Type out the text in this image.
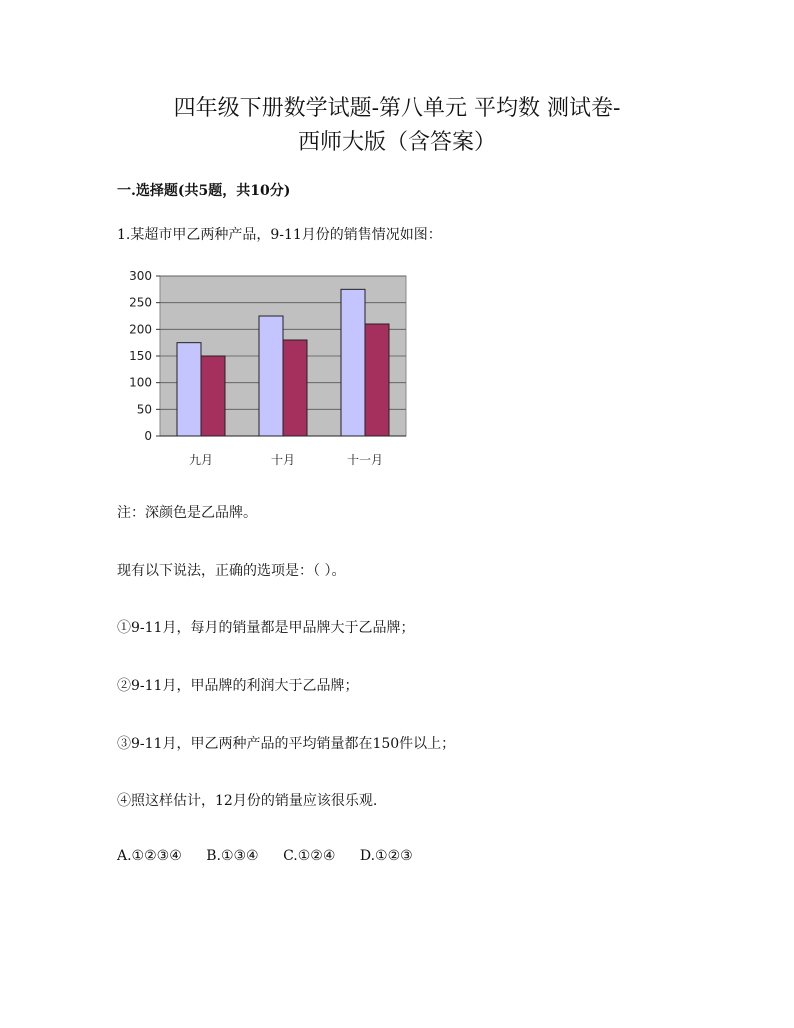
四年级下册数学试题-第八单元 平均数 测试卷-
西师大版（含答案）
一.选择题(共5题，共10分)
1.某超市甲乙两种产品，9-11月份的销售情况如图：
0
50
100
150
200
250
300
九月	十月	十一月
注：深颜色是乙品牌。
现有以下说法，正确的选项是：（ ）。
①9-11月，每月的销量都是甲品牌大于乙品牌；
②9-11月，甲品牌的利润大于乙品牌；
③9-11月，甲乙两种产品的平均销量都在150件以上；
④照这样估计，12月份的销量应该很乐观.
A.①②③④ B.①③④ C.①②④ D.①②③
